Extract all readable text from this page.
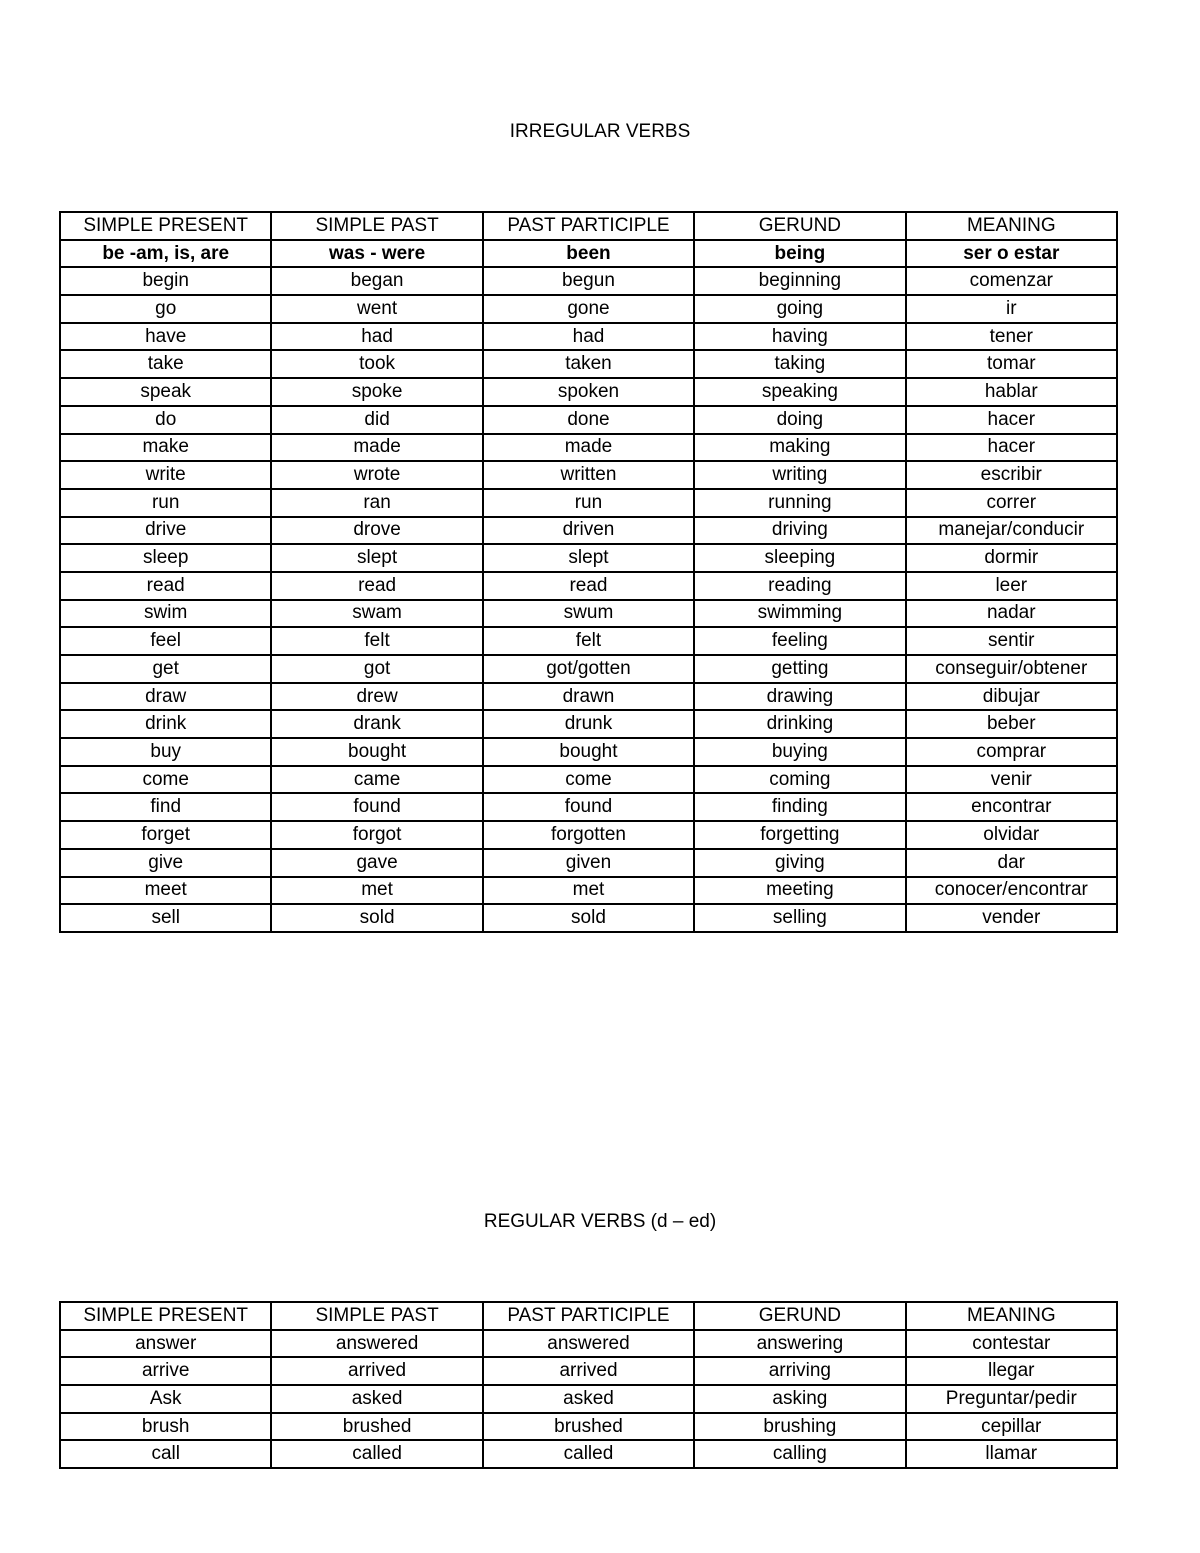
IRREGULAR VERBS
SIMPLE PRESENT	SIMPLE PAST	PAST PARTICIPLE	GERUND	MEANING
be -am, is, are	was - were	been	being	ser o estar
begin	began	begun	beginning	comenzar
go	went	gone	going	ir
have	had	had	having	tener
take	took	taken	taking	tomar
speak	spoke	spoken	speaking	hablar
do	did	done	doing	hacer
make	made	made	making	hacer
write	wrote	written	writing	escribir
run	ran	run	running	correr
drive	drove	driven	driving	manejar/conducir
sleep	slept	slept	sleeping	dormir
read	read	read	reading	leer
swim	swam	swum	swimming	nadar
feel	felt	felt	feeling	sentir
get	got	got/gotten	getting	conseguir/obtener
draw	drew	drawn	drawing	dibujar
drink	drank	drunk	drinking	beber
buy	bought	bought	buying	comprar
come	came	come	coming	venir
find	found	found	finding	encontrar
forget	forgot	forgotten	forgetting	olvidar
give	gave	given	giving	dar
meet	met	met	meeting	conocer/encontrar
sell	sold	sold	selling	vender
REGULAR VERBS (d – ed)
SIMPLE PRESENT	SIMPLE PAST	PAST PARTICIPLE	GERUND	MEANING
answer	answered	answered	answering	contestar
arrive	arrived	arrived	arriving	llegar
Ask	asked	asked	asking	Preguntar/pedir
brush	brushed	brushed	brushing	cepillar
call	called	called	calling	llamar
